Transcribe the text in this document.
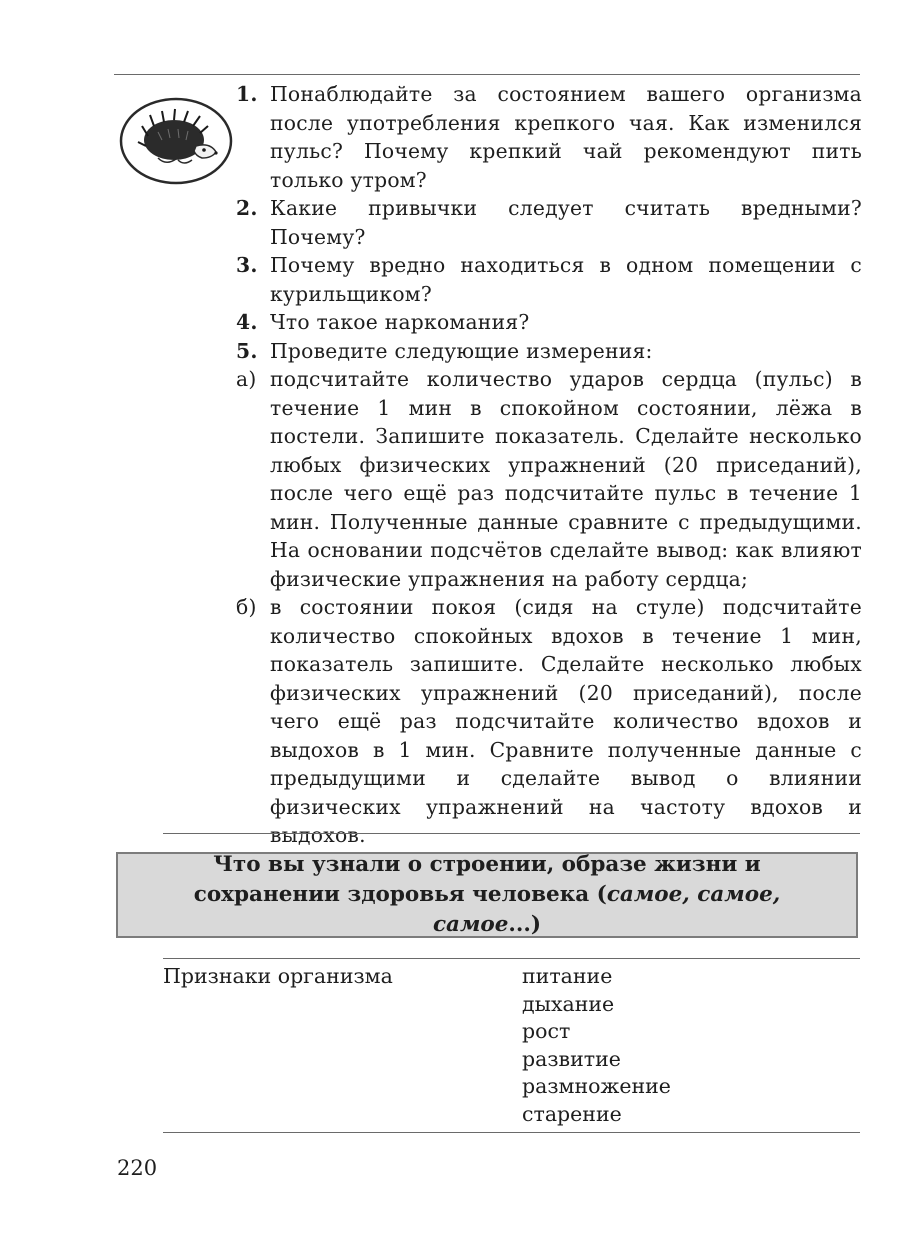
1. Понаблюдайте за состоянием вашего организма после употребления крепкого чая. Как изменился пульс? Почему крепкий чай рекомендуют пить только утром?
2. Какие привычки следует считать вредными? Почему?
3. Почему вредно находиться в одном помещении с курильщиком?
4. Что такое наркомания?
5. Проведите следующие измерения:
а) подсчитайте количество ударов сердца (пульс) в течение 1 мин в спокойном состоянии, лёжа в постели. Запишите показатель. Сделайте несколько любых физических упражнений (20 приседаний), после чего ещё раз подсчитайте пульс в течение 1 мин. Полученные данные сравните с предыдущими. На основании подсчётов сделайте вывод: как влияют физические упражнения на работу сердца;
б) в состоянии покоя (сидя на стуле) подсчитайте количество спокойных вдохов в течение 1 мин, показатель запишите. Сделайте несколько любых физических упражнений (20 приседаний), после чего ещё раз подсчитайте количество вдохов и выдохов в 1 мин. Сравните полученные данные с предыдущими и сделайте вывод о влиянии физических упражнений на частоту вдохов и выдохов.
Что вы узнали о строении, образе жизни и сохранении здоровья человека (самое, самое, самое...)
Признаки организма	питание
дыхание
рост
развитие
размножение
старение
220
